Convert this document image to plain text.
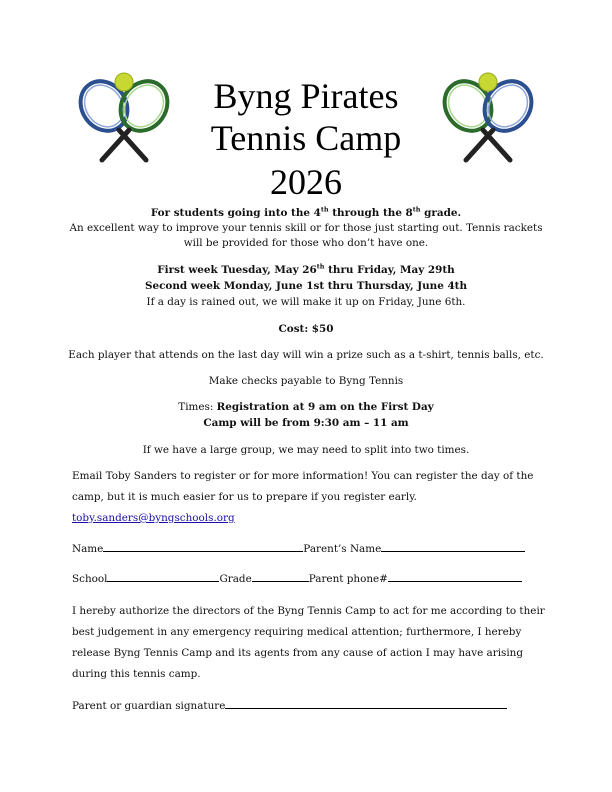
Byng Pirates
Tennis Camp
2026
For students going into the 4th through the 8th grade.
An excellent way to improve your tennis skill or for those just starting out. Tennis rackets
will be provided for those who don’t have one.
First week Tuesday, May 26th thru Friday, May 29th
Second week Monday, June 1st thru Thursday, June 4th
If a day is rained out, we will make it up on Friday, June 6th.
Cost: $50
Each player that attends on the last day will win a prize such as a t-shirt, tennis balls, etc.
Make checks payable to Byng Tennis
Times: Registration at 9 am on the First Day
Camp will be from 9:30 am – 11 am
If we have a large group, we may need to split into two times.
Email Toby Sanders to register or for more information! You can register the day of the
camp, but it is much easier for us to prepare if you register early.
toby.sanders@byngschools.org
Name	Parent’s Name
School	Grade	Parent phone#
I hereby authorize the directors of the Byng Tennis Camp to act for me according to their
best judgement in any emergency requiring medical attention; furthermore, I hereby
release Byng Tennis Camp and its agents from any cause of action I may have arising
during this tennis camp.
Parent or guardian signature
